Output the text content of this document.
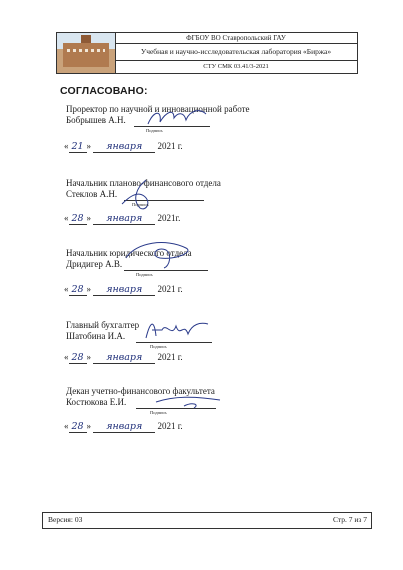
ФГБОУ ВО Ставропольский ГАУ
Учебная и научно-исследовательская лаборатория «Биржа»
СТУ СМК 03.41/3-2021
СОГЛАСОВАНО:
Проректор по научной и инновационной работе
Бобрышев А.Н.
Подпись
« 21 » января 2021 г.
Начальник планово-финансового отдела
Стеклов А.Н.
Подпись
« 28 » января 2021г.
Начальник юридического отдела
Дридигер А.В.
Подпись
« 28 » января 2021 г.
Главный бухгалтер
Шатобина И.А.
Подпись
« 28 » января 2021 г.
Декан учетно-финансового факультета
Костюкова Е.И.
Подпись
« 28 » января 2021 г.
Версия: 03	Стр. 7 из 7
